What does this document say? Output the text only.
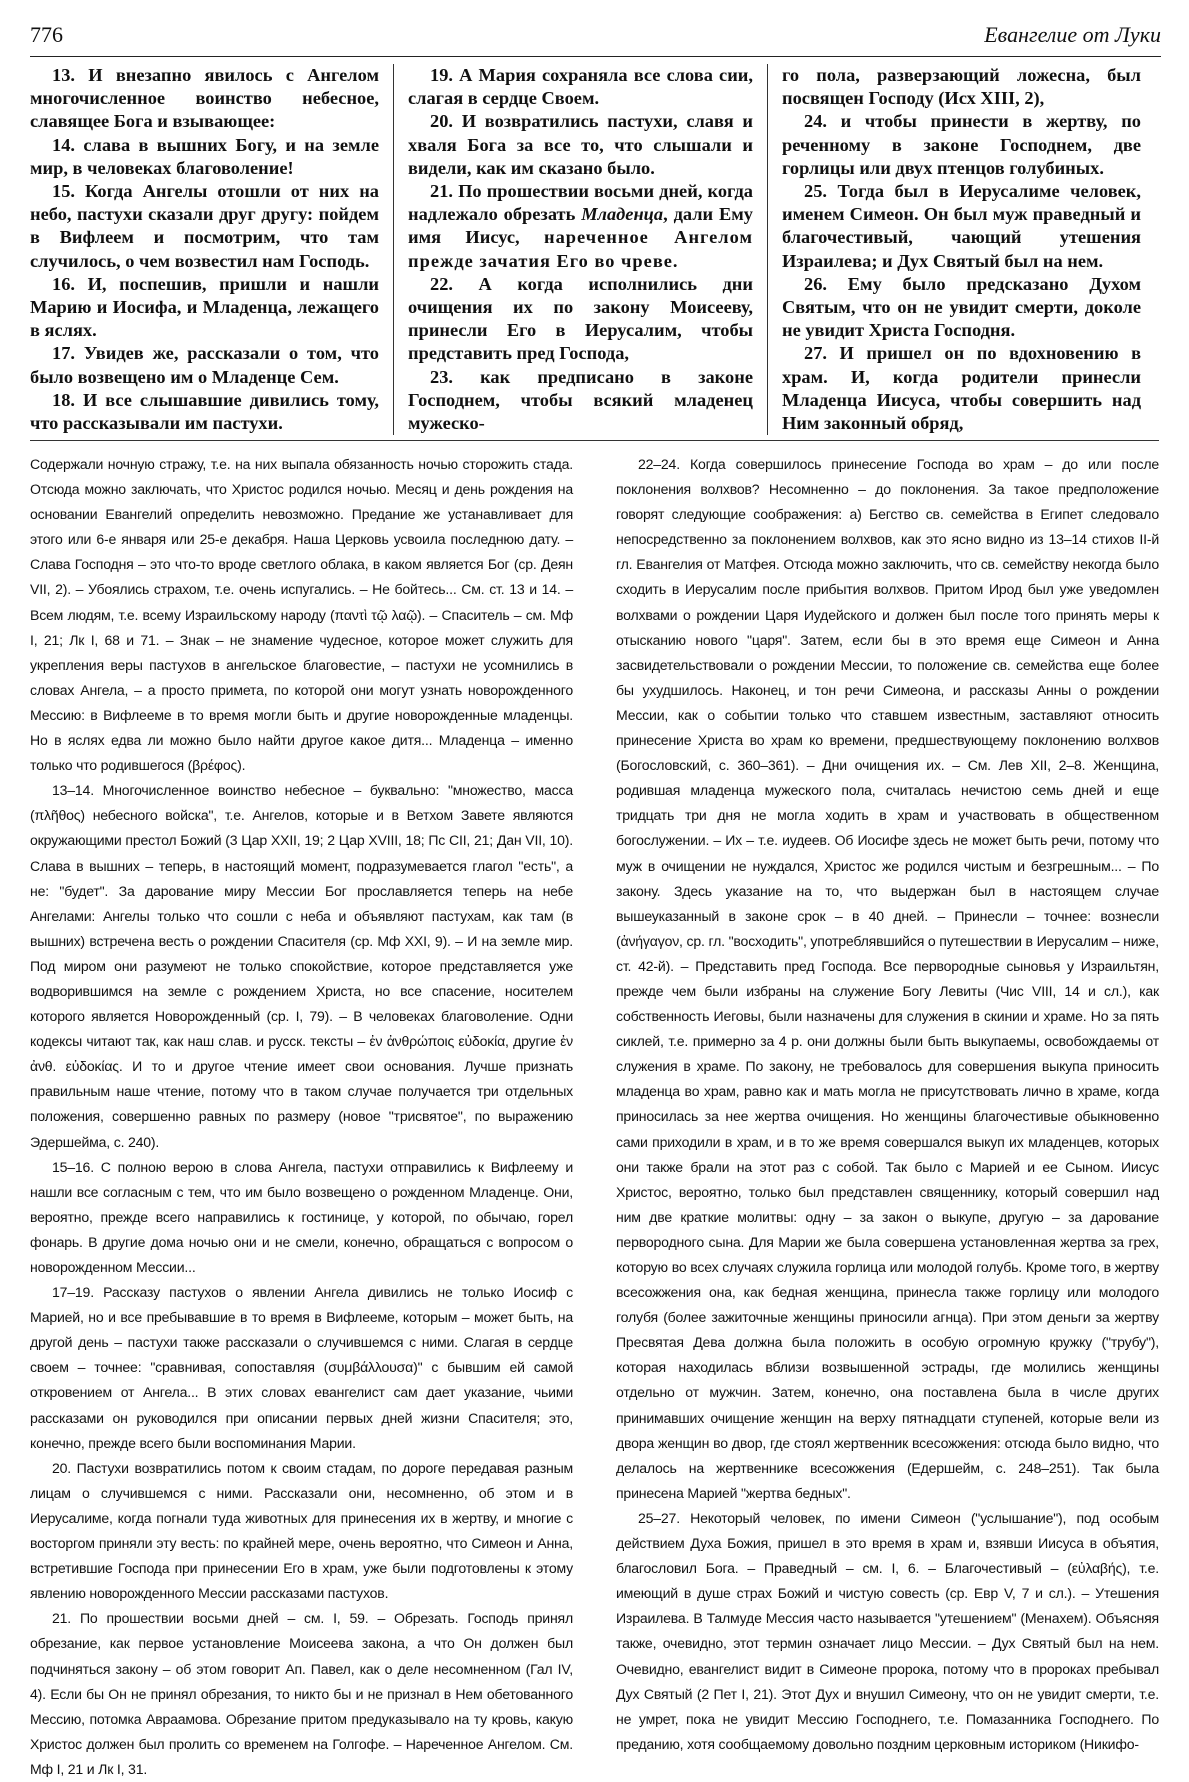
776	Евангелие от Луки

13. И внезапно явилось с Ангелом многочисленное воинство небесное, славящее Бога и взывающее:

14. слава в вышних Богу, и на земле мир, в человеках благоволение!

15. Когда Ангелы отошли от них на небо, пастухи сказали друг другу: пойдем в Вифлеем и посмотрим, что там случилось, о чем возвестил нам Господь.

16. И, поспешив, пришли и нашли Марию и Иосифа, и Младенца, лежащего в яслях.

17. Увидев же, рассказали о том, что было возвещено им о Младенце Сем.

18. И все слышавшие дивились тому, что рассказывали им пастухи.

19. А Мария сохраняла все слова сии, слагая в сердце Своем.

20. И возвратились пастухи, славя и хваля Бога за все то, что слышали и видели, как им сказано было.

21. По прошествии восьми дней, когда надлежало обрезать Младенца, дали Ему имя Иисус, нареченное Ангелом прежде зачатия Его во чреве.

22. А когда исполнились дни очищения их по закону Моисееву, принесли Его в Иерусалим, чтобы представить пред Господа,

23. как предписано в законе Господнем, чтобы всякий младенец мужеско-

го пола, разверзающий ложесна, был посвящен Господу (Исх XIII, 2),

24. и чтобы принести в жертву, по реченному в законе Господнем, две горлицы или двух птенцов голубиных.

25. Тогда был в Иерусалиме человек, именем Симеон. Он был муж праведный и благочестивый, чающий утешения Израилева; и Дух Святый был на нем.

26. Ему было предсказано Духом Святым, что он не увидит смерти, доколе не увидит Христа Господня.

27. И пришел он по вдохновению в храм. И, когда родители принесли Младенца Иисуса, чтобы совершить над Ним законный обряд,

Содержали ночную стражу, т.е. на них выпала обязанность ночью сторожить стада. Отсюда можно заключать, что Христос родился ночью. Месяц и день рождения на основании Евангелий определить невозможно. Предание же устанавливает для этого или 6-е января или 25-е декабря. Наша Церковь усвоила последнюю дату. – Слава Господня – это что-то вроде светлого облака, в каком является Бог (ср. Деян VII, 2). – Убоялись страхом, т.е. очень испугались. – Не бойтесь... См. ст. 13 и 14. – Всем людям, т.е. всему Израильскому народу (παντὶ τῷ λαῷ). – Спаситель – см. Мф I, 21; Лк I, 68 и 71. – Знак – не знамение чудесное, которое может служить для укрепления веры пастухов в ангельское благовестие, – пастухи не усомнились в словах Ангела, – а просто примета, по которой они могут узнать новорожденного Мессию: в Вифлееме в то время могли быть и другие новорожденные младенцы. Но в яслях едва ли можно было найти другое какое дитя... Младенца – именно только что родившегося (βρέφος).

13–14. Многочисленное воинство небесное – буквально: "множество, масса (πλῆθος) небесного войска", т.е. Ангелов, которые и в Ветхом Завете являются окружающими престол Божий (3 Цар XXII, 19; 2 Цар XVIII, 18; Пс CII, 21; Дан VII, 10). Слава в вышних – теперь, в настоящий момент, подразумевается глагол "есть", а не: "будет". За дарование миру Мессии Бог прославляется теперь на небе Ангелами: Ангелы только что сошли с неба и объявляют пастухам, как там (в вышних) встречена весть о рождении Спасителя (ср. Мф XXI, 9). – И на земле мир. Под миром они разумеют не только спокойствие, которое представляется уже водворившимся на земле с рождением Христа, но все спасение, носителем которого является Новорожденный (ср. I, 79). – В человеках благоволение. Одни кодексы читают так, как наш слав. и русск. тексты – ἐν ἀνθρώποις εὐδοκία, другие ἐν ἀνθ. εὐδοκίας. И то и другое чтение имеет свои основания. Лучше признать правильным наше чтение, потому что в таком случае получается три отдельных положения, совершенно равных по размеру (новое "трисвятое", по выражению Эдершейма, с. 240).

15–16. С полною верою в слова Ангела, пастухи отправились к Вифлеему и нашли все согласным с тем, что им было возвещено о рожденном Младенце. Они, вероятно, прежде всего направились к гостинице, у которой, по обычаю, горел фонарь. В другие дома ночью они и не смели, конечно, обращаться с вопросом о новорожденном Мессии...

17–19. Рассказу пастухов о явлении Ангела дивились не только Иосиф с Марией, но и все пребывавшие в то время в Вифлееме, которым – может быть, на другой день – пастухи также рассказали о случившемся с ними. Слагая в сердце своем – точнее: "сравнивая, сопоставляя (συμβάλλουσα)" с бывшим ей самой откровением от Ангела... В этих словах евангелист сам дает указание, чьими рассказами он руководился при описании первых дней жизни Спасителя; это, конечно, прежде всего были воспоминания Марии.

20. Пастухи возвратились потом к своим стадам, по дороге передавая разным лицам о случившемся с ними. Рассказали они, несомненно, об этом и в Иерусалиме, когда погнали туда животных для принесения их в жертву, и многие с восторгом приняли эту весть: по крайней мере, очень вероятно, что Симеон и Анна, встретившие Господа при принесении Его в храм, уже были подготовлены к этому явлению новорожденного Мессии рассказами пастухов.

21. По прошествии восьми дней – см. I, 59. – Обрезать. Господь принял обрезание, как первое установление Моисеева закона, а что Он должен был подчиняться закону – об этом говорит Ап. Павел, как о деле несомненном (Гал IV, 4). Если бы Он не принял обрезания, то никто бы и не признал в Нем обетованного Мессию, потомка Авраамова. Обрезание притом предуказывало на ту кровь, какую Христос должен был пролить со временем на Голгофе. – Нареченное Ангелом. См. Мф I, 21 и Лк I, 31.

22–24. Когда совершилось принесение Господа во храм – до или после поклонения волхвов? Несомненно – до поклонения. За такое предположение говорят следующие соображения: а) Бегство св. семейства в Египет следовало непосредственно за поклонением волхвов, как это ясно видно из 13–14 стихов II-й гл. Евангелия от Матфея. Отсюда можно заключить, что св. семейству некогда было сходить в Иерусалим после прибытия волхвов. Притом Ирод был уже уведомлен волхвами о рождении Царя Иудейского и должен был после того принять меры к отысканию нового "царя". Затем, если бы в это время еще Симеон и Анна засвидетельствовали о рождении Мессии, то положение св. семейства еще более бы ухудшилось. Наконец, и тон речи Симеона, и рассказы Анны о рождении Мессии, как о событии только что ставшем известным, заставляют относить принесение Христа во храм ко времени, предшествующему поклонению волхвов (Богословский, с. 360–361). – Дни очищения их. – См. Лев XII, 2–8. Женщина, родившая младенца мужеского пола, считалась нечистою семь дней и еще тридцать три дня не могла ходить в храм и участвовать в общественном богослужении. – Их – т.е. иудеев. Об Иосифе здесь не может быть речи, потому что муж в очищении не нуждался, Христос же родился чистым и безгрешным... – По закону. Здесь указание на то, что выдержан был в настоящем случае вышеуказанный в законе срок – в 40 дней. – Принесли – точнее: вознесли (ἀνήγαγον, ср. гл. "восходить", употреблявшийся о путешествии в Иерусалим – ниже, ст. 42-й). – Представить пред Господа. Все первородные сыновья у Израильтян, прежде чем были избраны на служение Богу Левиты (Чис VIII, 14 и сл.), как собственность Иеговы, были назначены для служения в скинии и храме. Но за пять сиклей, т.е. примерно за 4 р. они должны были быть выкупаемы, освобождаемы от служения в храме. По закону, не требовалось для совершения выкупа приносить младенца во храм, равно как и мать могла не присутствовать лично в храме, когда приносилась за нее жертва очищения. Но женщины благочестивые обыкновенно сами приходили в храм, и в то же время совершался выкуп их младенцев, которых они также брали на этот раз с собой. Так было с Марией и ее Сыном. Иисус Христос, вероятно, только был представлен священнику, который совершил над ним две краткие молитвы: одну – за закон о выкупе, другую – за дарование первородного сына. Для Марии же была совершена установленная жертва за грех, которую во всех случаях служила горлица или молодой голубь. Кроме того, в жертву всесожжения она, как бедная женщина, принесла также горлицу или молодого голубя (более зажиточные женщины приносили агнца). При этом деньги за жертву Пресвятая Дева должна была положить в особую огромную кружку ("трубу"), которая находилась вблизи возвышенной эстрады, где молились женщины отдельно от мужчин. Затем, конечно, она поставлена была в числе других принимавших очищение женщин на верху пятнадцати ступеней, которые вели из двора женщин во двор, где стоял жертвенник всесожжения: отсюда было видно, что делалось на жертвеннике всесожжения (Едершейм, с. 248–251). Так была принесена Марией "жертва бедных".

25–27. Некоторый человек, по имени Симеон ("услышание"), под особым действием Духа Божия, пришел в это время в храм и, взявши Иисуса в объятия, благословил Бога. – Праведный – см. I, 6. – Благочестивый – (εὐλαβής), т.е. имеющий в душе страх Божий и чистую совесть (ср. Евр V, 7 и сл.). – Утешения Израилева. В Талмуде Мессия часто называется "утешением" (Менахем). Объясняя также, очевидно, этот термин означает лицо Мессии. – Дух Святый был на нем. Очевидно, евангелист видит в Симеоне пророка, потому что в пророках пребывал Дух Святый (2 Пет I, 21). Этот Дух и внушил Симеону, что он не увидит смерти, т.е. не умрет, пока не увидит Мессию Господнего, т.е. Помазанника Господнего. По преданию, хотя сообщаемому довольно поздним церковным историком (Никифо-
